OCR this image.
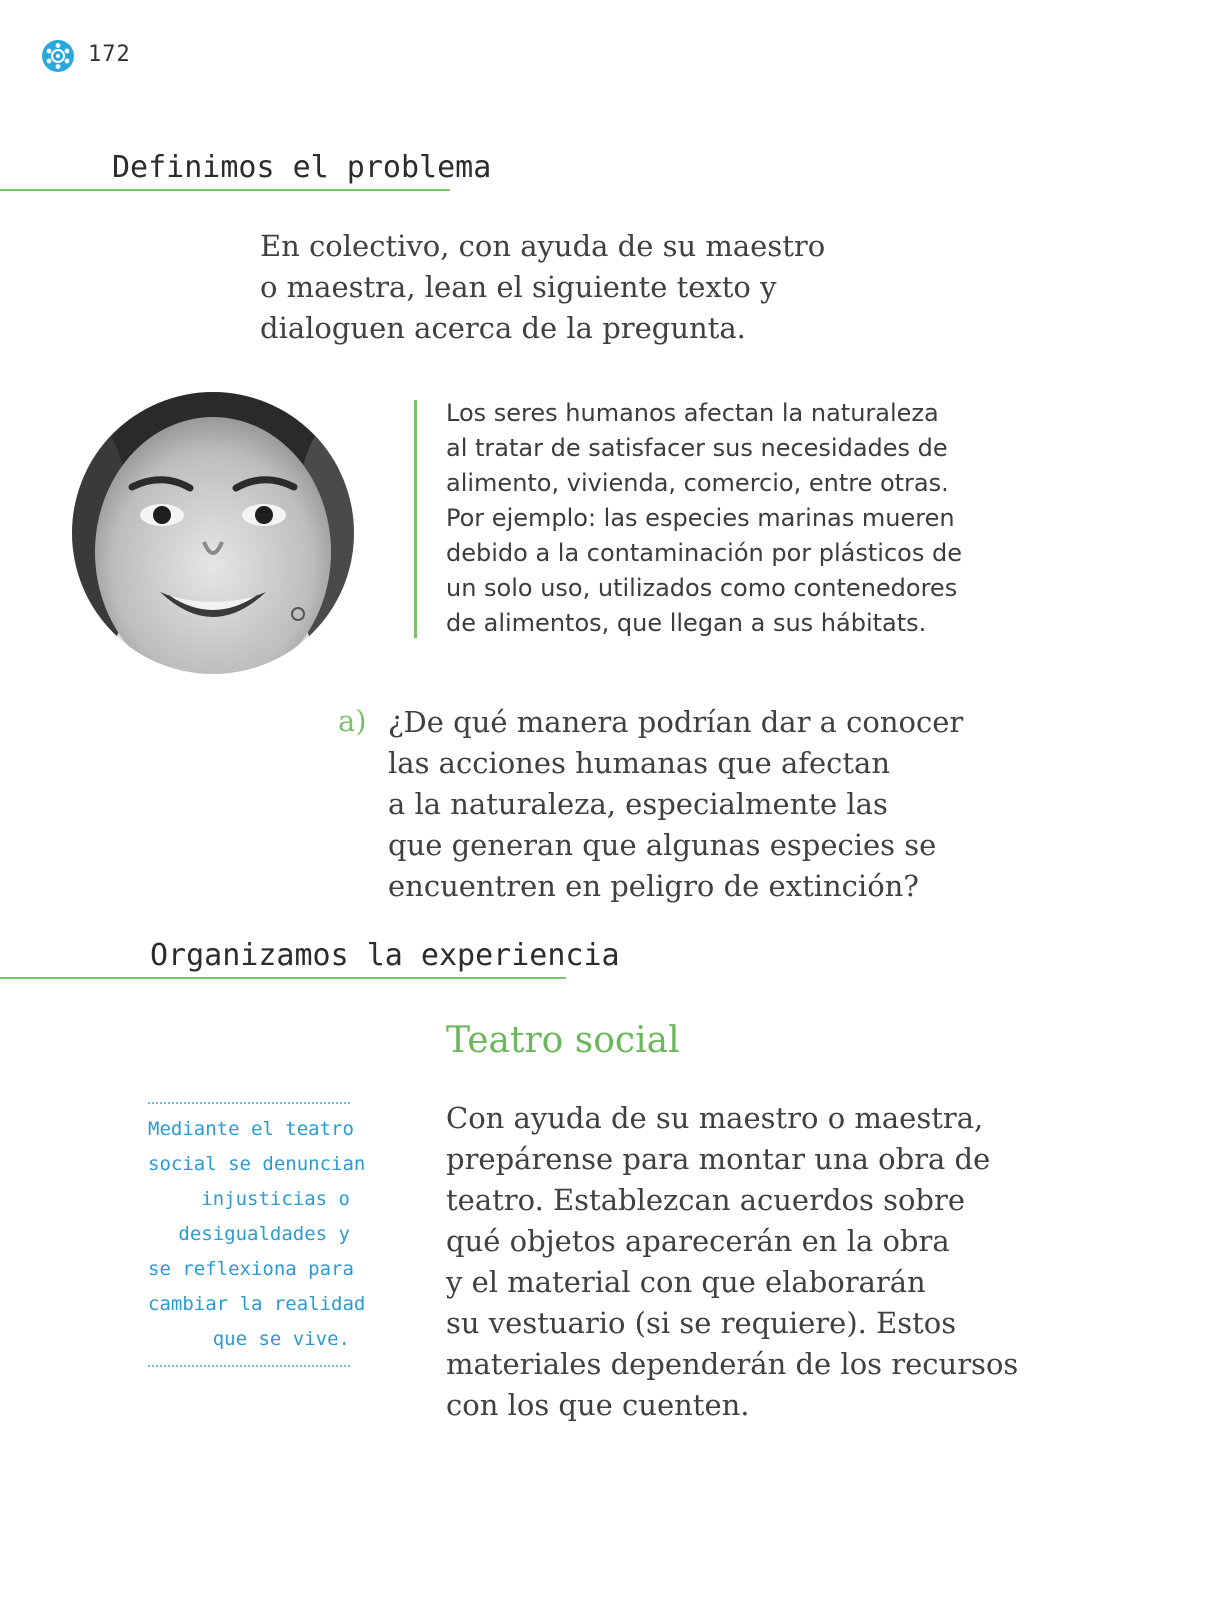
172
Definimos el problema
En colectivo, con ayuda de su maestro
o maestra, lean el siguiente texto y
dialoguen acerca de la pregunta.
Los seres humanos afectan la naturaleza
al tratar de satisfacer sus necesidades de
alimento, vivienda, comercio, entre otras.
Por ejemplo: las especies marinas mueren
debido a la contaminación por plásticos de
un solo uso, utilizados como contenedores
de alimentos, que llegan a sus hábitats.
a) ¿De qué manera podrían dar a conocer
las acciones humanas que afectan
a la naturaleza, especialmente las
que generan que algunas especies se
encuentren en peligro de extinción?
Organizamos la experiencia
Teatro social
Mediante el teatro
social se denuncian
injusticias o
desigualdades y
se reflexiona para
cambiar la realidad
que se vive.
Con ayuda de su maestro o maestra,
prepárense para montar una obra de
teatro. Establezcan acuerdos sobre
qué objetos aparecerán en la obra
y el material con que elaborarán
su vestuario (si se requiere). Estos
materiales dependerán de los recursos
con los que cuenten.
